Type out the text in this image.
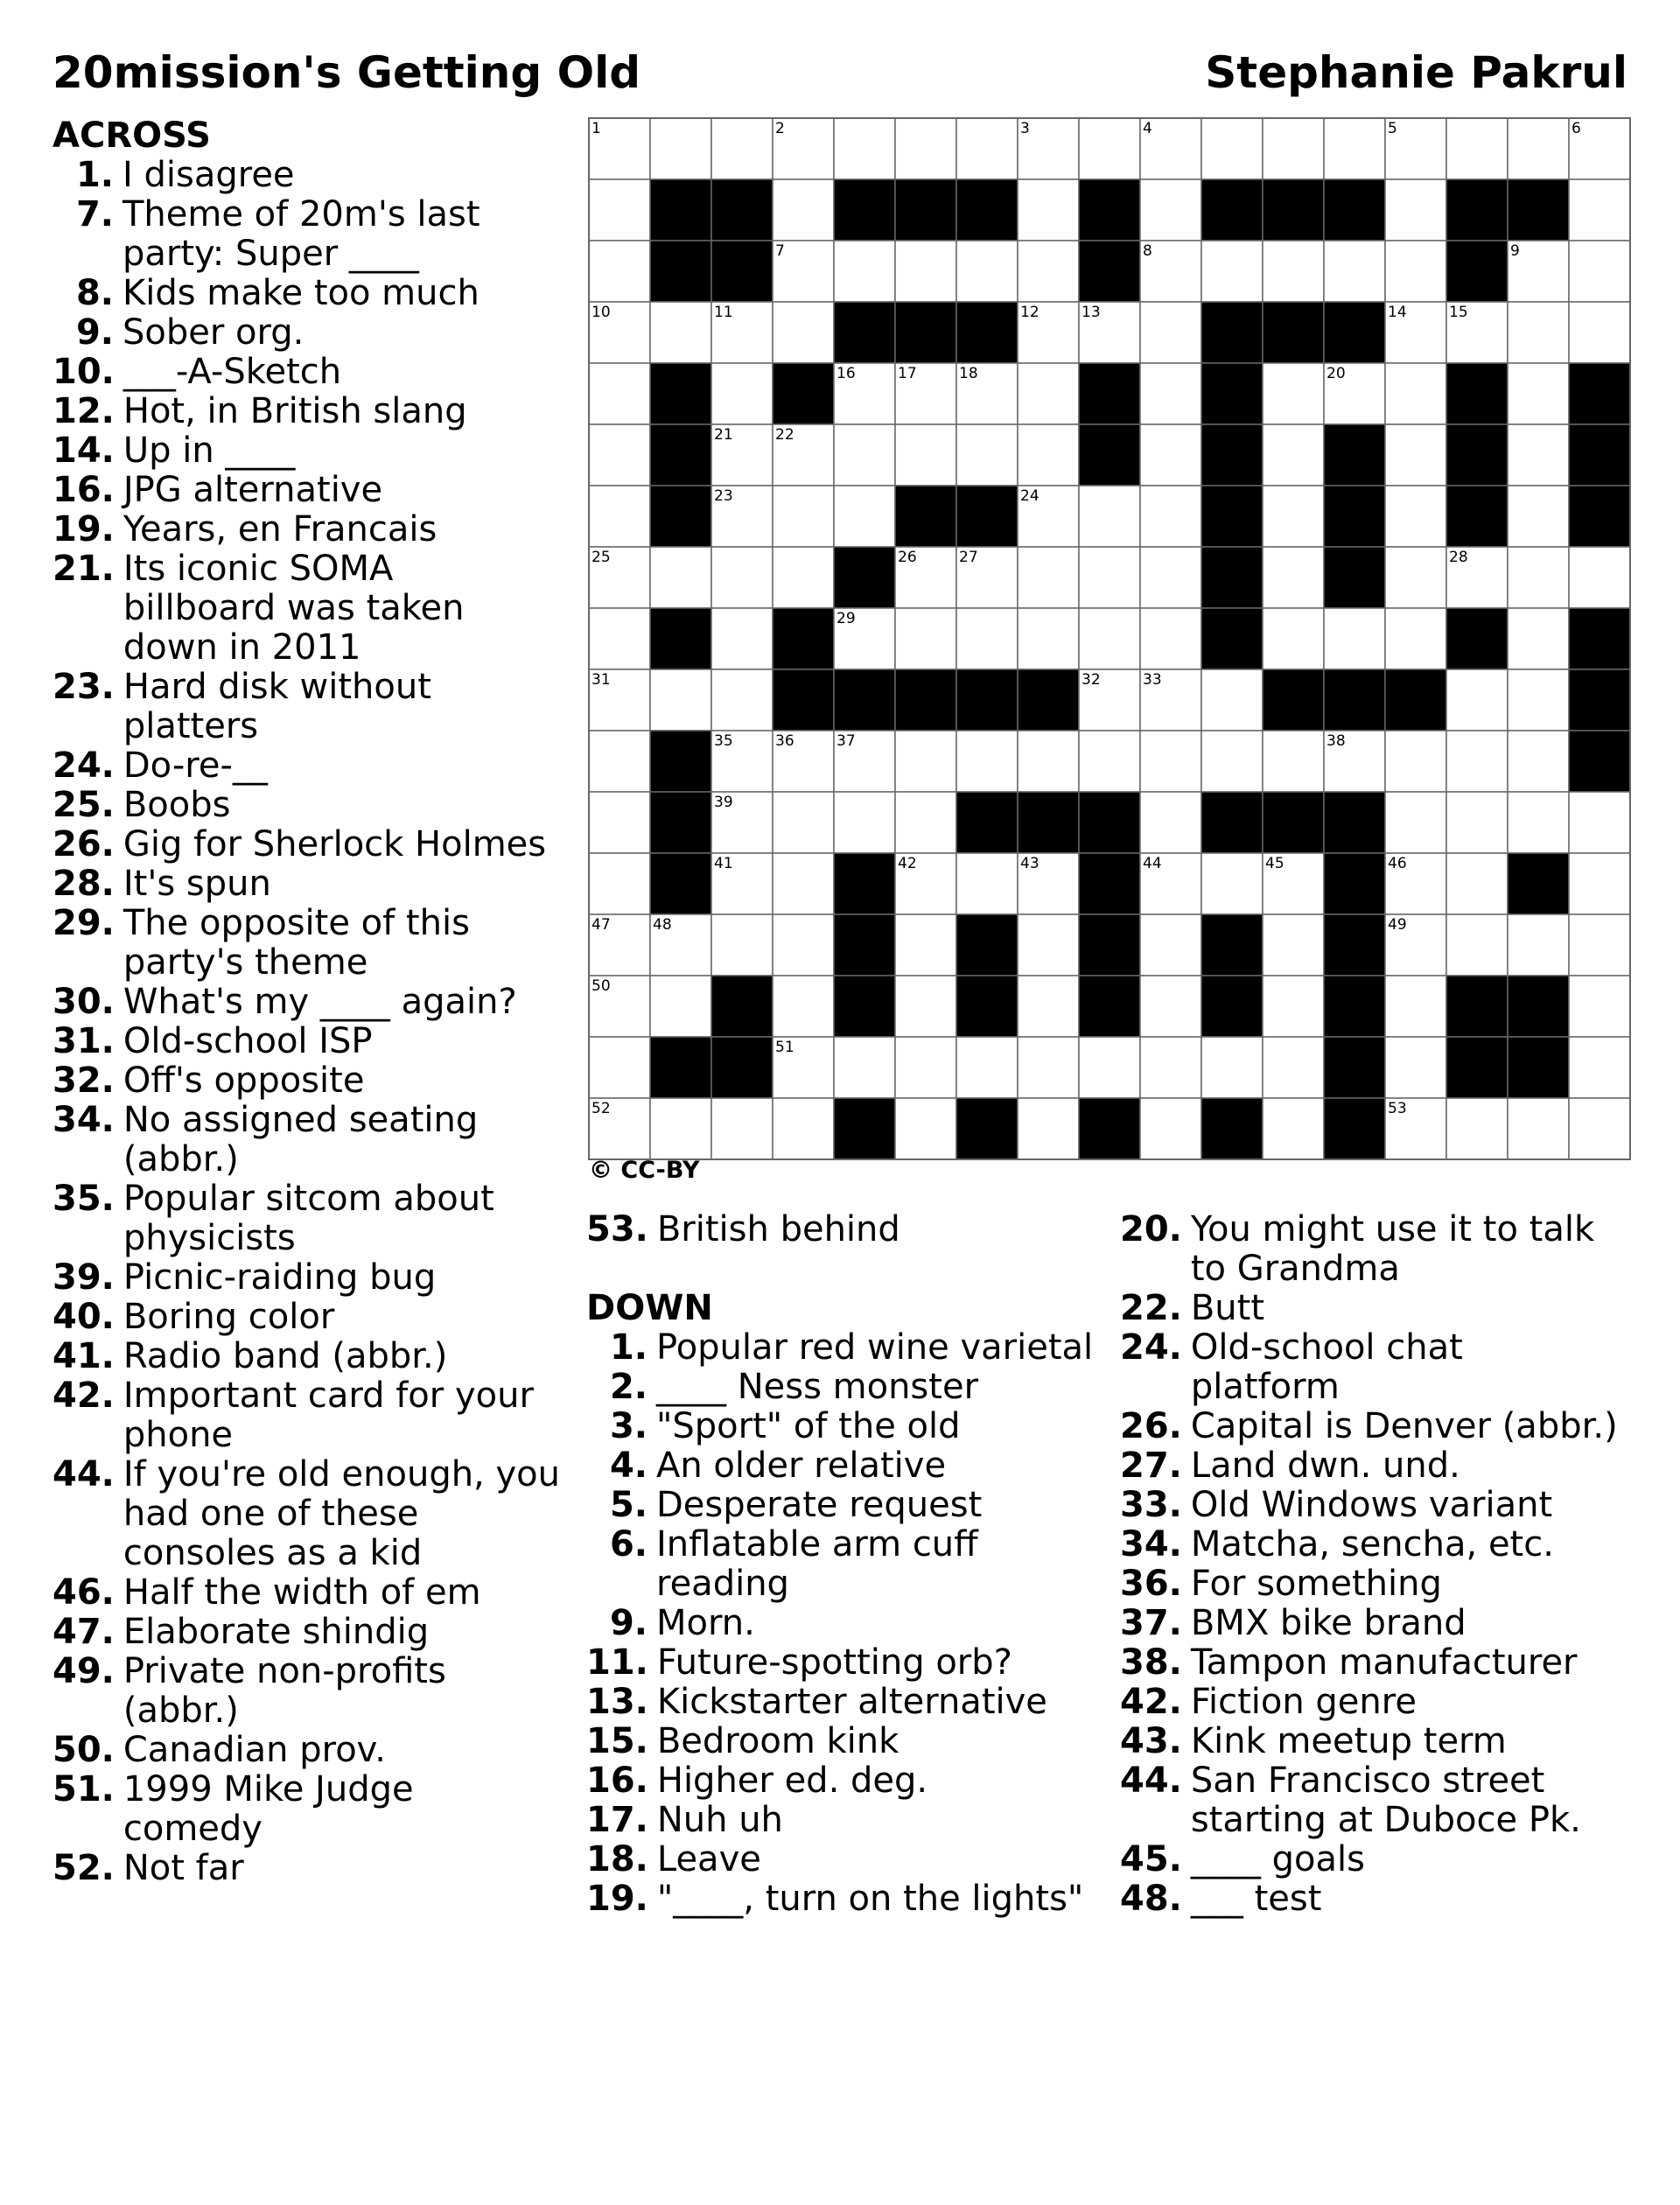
20mission's Getting Old	Stephanie Pakrul
1	2	3	4	5	6
7	8	9
10	11	12	13	14	15
16	17	18	19	20
21	22
23	24
25	26	27	28
29	30
31	32	33	34
35	36	37	38
39	40
41	42	43	44	45	46
47	48	49
50
51
52	53
© CC-BY
ACROSS
1. I disagree
7. Theme of 20m's last
party: Super ____
8. Kids make too much
9. Sober org.
10. ___-A-Sketch
12. Hot, in British slang
14. Up in ____
16. JPG alternative
19. Years, en Francais
21. Its iconic SOMA
billboard was taken
down in 2011
23. Hard disk without
platters
24. Do-re-__
25. Boobs
26. Gig for Sherlock Holmes
28. It's spun
29. The opposite of this
party's theme
30. What's my ____ again?
31. Old-school ISP
32. Off's opposite
34. No assigned seating
(abbr.)
35. Popular sitcom about
physicists
39. Picnic-raiding bug
40. Boring color
41. Radio band (abbr.)
42. Important card for your
phone
44. If you're old enough, you
had one of these
consoles as a kid
46. Half the width of em
47. Elaborate shindig
49. Private non-profits
(abbr.)
50. Canadian prov.
51. 1999 Mike Judge
comedy
52. Not far
53. British behind
DOWN
1. Popular red wine varietal
2. ____ Ness monster
3. "Sport" of the old
4. An older relative
5. Desperate request
6. Inflatable arm cuff
reading
9. Morn.
11. Future-spotting orb?
13. Kickstarter alternative
15. Bedroom kink
16. Higher ed. deg.
17. Nuh uh
18. Leave
19. "____, turn on the lights"
20. You might use it to talk
to Grandma
22. Butt
24. Old-school chat
platform
26. Capital is Denver (abbr.)
27. Land dwn. und.
33. Old Windows variant
34. Matcha, sencha, etc.
36. For something
37. BMX bike brand
38. Tampon manufacturer
42. Fiction genre
43. Kink meetup term
44. San Francisco street
starting at Duboce Pk.
45. ____ goals
48. ___ test
